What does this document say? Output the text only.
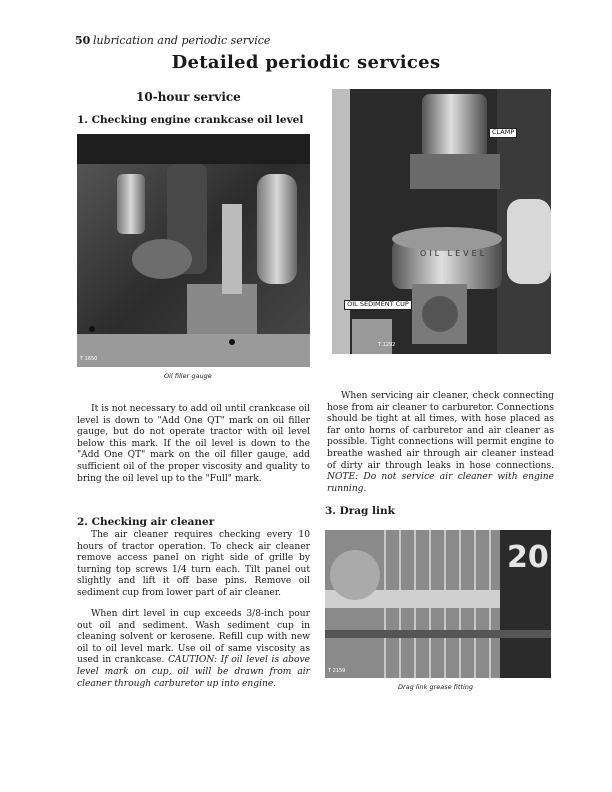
50 lubrication and periodic service
Detailed periodic services
10-hour service
1. Checking engine crankcase oil level
T 1650
Oil filler gauge

It is not necessary to add oil until crankcase oil level is down to "Add One QT" mark on oil filler gauge, but do not operate tractor with oil level below this mark. If the oil level is down to the "Add One QT" mark on the oil filler gauge, add sufficient oil of the proper viscosity and quality to bring the oil level up to the "Full" mark.

2. Checking air cleaner

The air cleaner requires checking every 10 hours of tractor operation. To check air cleaner remove access panel on right side of grille by turning top screws 1/4 turn each. Tilt panel out slightly and lift it off base pins. Remove oil sediment cup from lower part of air cleaner.

When dirt level in cup exceeds 3/8-inch pour out oil and sediment. Wash sediment cup in cleaning solvent or kerosene. Refill cup with new oil to oil level mark. Use oil of same viscosity as used in crankcase. CAUTION: If oil level is above level mark on cup, oil will be drawn from air cleaner through carburetor up into engine.

OIL LEVEL
T 1292
CLAMP
OIL SEDIMENT CUP

When servicing air cleaner, check connecting hose from air cleaner to carburetor. Connections should be tight at all times, with hose placed as far onto horns of carburetor and air cleaner as possible. Tight connections will permit engine to breathe washed air through air cleaner instead of dirty air through leaks in hose connections. NOTE: Do not service air cleaner with engine running.

3. Drag link
20
T 2159
Drag link grease fitting
